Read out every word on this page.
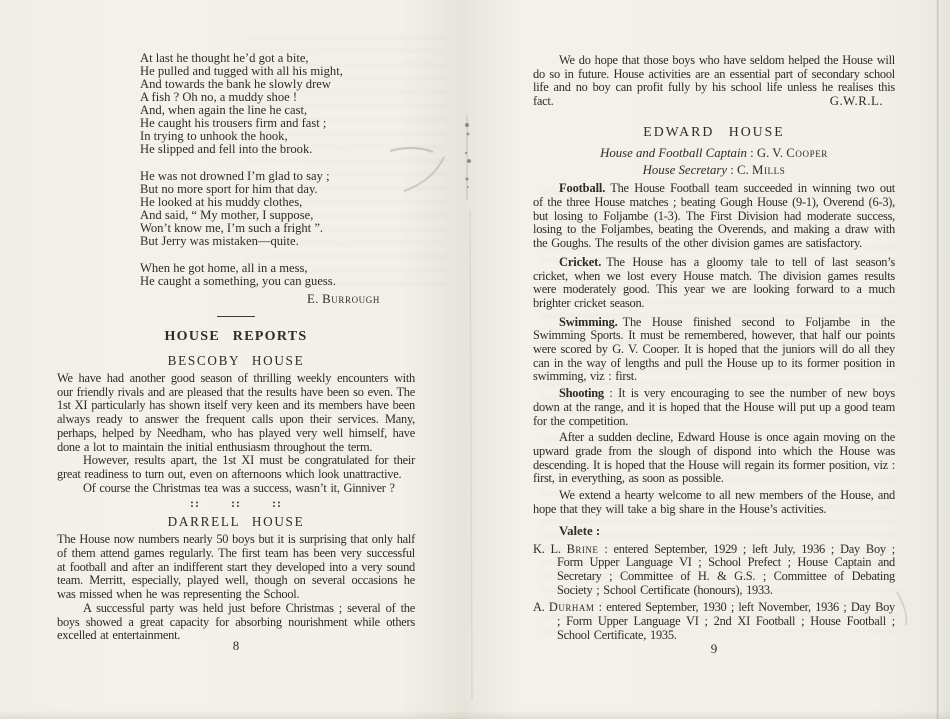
At last he thought he’d got a bite,
He pulled and tugged with all his might,
And towards the bank he slowly drew
A fish ? Oh no, a muddy shoe !
And, when again the line he cast,
He caught his trousers firm and fast ;
In trying to unhook the hook,
He slipped and fell into the brook.
He was not drowned I’m glad to say ;
But no more sport for him that day.
He looked at his muddy clothes,
And said, “ My mother, I suppose,
Won’t know me, I’m such a fright ”.
But Jerry was mistaken—quite.
When he got home, all in a mess,
He caught a something, you can guess.
E. Burrough
HOUSE REPORTS
BESCOBY HOUSE

We have had another good season of thrilling weekly encounters with our friendly rivals and are pleased that the results have been so even. The 1st XI particularly has shown itself very keen and its members have been always ready to answer the frequent calls upon their services. Many, perhaps, helped by Needham, who has played very well himself, have done a lot to maintain the initial enthusiasm throughout the term.

However, results apart, the 1st XI must be congratulated for their great readiness to turn out, even on afternoons which look unattractive.

Of course the Christmas tea was a success, wasn’t it, Ginniver ?

:: :: ::
DARRELL HOUSE

The House now numbers nearly 50 boys but it is surprising that only half of them attend games regularly. The first team has been very successful at football and after an indifferent start they developed into a very sound team. Merritt, especially, played well, though on several occasions he was missed when he was representing the School.

A successful party was held just before Christmas ; several of the boys showed a great capacity for absorbing nourishment while others excelled at entertainment.

8

We do hope that those boys who have seldom helped the House will do so in future. House activities are an essential part of secondary school life and no boy can profit fully by his school life unless he realises this fact.	G.W.R.L.
EDWARD HOUSE
House and Football Captain : G. V. Cooper
House Secretary : C. Mills

Football. The House Football team succeeded in winning two out of the three House matches ; beating Gough House (9-1), Overend (6-3), but losing to Foljambe (1-3). The First Division had moderate success, losing to the Foljambes, beating the Overends, and making a draw with the Goughs. The results of the other division games are satisfactory.

Cricket. The House has a gloomy tale to tell of last season’s cricket, when we lost every House match. The division games results were moderately good. This year we are looking forward to a much brighter cricket season.

Swimming. The House finished second to Foljambe in the Swimming Sports. It must be remembered, however, that half our points were scored by G. V. Cooper. It is hoped that the juniors will do all they can in the way of lengths and pull the House up to its former position in swimming, viz : first.

Shooting : It is very encouraging to see the number of new boys down at the range, and it is hoped that the House will put up a good team for the competition.

After a sudden decline, Edward House is once again moving on the upward grade from the slough of dispond into which the House was descending. It is hoped that the House will regain its former position, viz : first, in everything, as soon as possible.

We extend a hearty welcome to all new members of the House, and hope that they will take a big share in the House’s activities.

Valete :

K. L. Brine : entered September, 1929 ; left July, 1936 ; Day Boy ; Form Upper Language VI ; School Prefect ; House Captain and Secretary ; Committee of H. & G.S. ; Committee of Debating Society ; School Certificate (honours), 1933.

A. Durham : entered September, 1930 ; left November, 1936 ; Day Boy ; Form Upper Language VI ; 2nd XI Football ; House Football ; School Certificate, 1935.

9
